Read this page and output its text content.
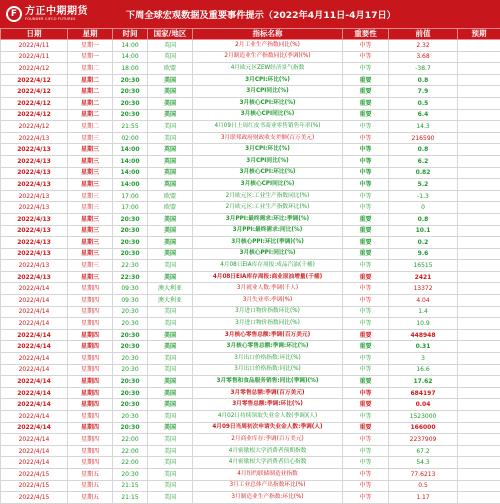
F 方正中期期货
FOUNDER CIFCO FUTURES	下周全球宏观数据及重要事件提示（2022年4月11日-4月17日）
日期	星期	时间	国家/地区	指标名称	重要性	前值	预期
2022/4/11	星期一	14:00	英国	2月工业生产指数同比(%)	中等	2.32	
2022/4/11	星期一	14:00	英国	2月制造业生产指数同比(季调)(%)	中等	3.68	
2022/4/12	星期二	18:00	欧盟	4月欧元区ZEW经济景气指数	中等	-38.7	
2022/4/12	星期二	20:30	美国	3月CPI:环比(%)	重要	0.8	
2022/4/12	星期二	20:30	美国	3月CPI同比(%)	重要	7.9	
2022/4/12	星期二	20:30	美国	3月核心CPI:环比(%)	重要	0.5	
2022/4/12	星期二	20:30	美国	3月核心CPI同比(%)	重要	6.4	
2022/4/12	星期二	21:55	美国	4月09日上周红皮书商业零售销售年率(%)	中等	14.3	
2022/4/13	星期三	02:00	美国	3月联邦政府财政收支差额(百万美元)	中等	216590	
2022/4/13	星期三	14:00	英国	3月CPI:环比(%)	中等	0.8	
2022/4/13	星期三	14:00	英国	3月CPI同比(%)	中等	6.2	
2022/4/13	星期三	14:00	英国	3月核心CPI:环比(%)	中等	0.82	
2022/4/13	星期三	14:00	英国	3月核心CPI同比(%)	中等	5.2	
2022/4/13	星期三	17:00	欧盟	2月欧元区:工业生产指数同比(%)	中等	-1.3	
2022/4/13	星期三	17:00	欧盟	2月欧元区:工业生产指数环比(%)	中等	0	
2022/4/13	星期三	20:30	美国	3月PPI:最终需求:环比:季调(%)	重要	0.8	
2022/4/13	星期三	20:30	美国	3月PPI:最终需求:同比(%)	重要	10.1	
2022/4/13	星期三	20:30	美国	3月核心PPI:环比(季调)(%)	重要	0.2	
2022/4/13	星期三	20:30	美国	3月核心PPI:同比(%)	重要	9.6	
2022/4/13	星期三	22:30	美国	4月08日EIA库存周报:成品汽油(千桶)	中等	16515	
2022/4/13	星期三	22:30	美国	4月08日EIA库存周报:商业原油增量(千桶)	重要	2421	
2022/4/14	星期四	09:30	澳大利亚	3月就业人数:季调(千人)	中等	13372	
2022/4/14	星期四	09:30	澳大利亚	3月失业率:季调(%)	中等	4.04	
2022/4/14	星期四	20:30	美国	3月进口物价指数环比(%)	中等	1.4	
2022/4/14	星期四	20:30	美国	3月进口物价指数同比(%)	中等	10.9	
2022/4/14	星期四	20:30	美国	3月核心零售总额:季调(百万美元)	重要	448948	
2022/4/14	星期四	20:30	美国	3月核心零售总额:季调:环比(%)	重要	0.31	
2022/4/14	星期四	20:30	美国	3月出口价格指数:环比(%)	中等	3	
2022/4/14	星期四	20:30	美国	3月出口价格指数:同比(%)	中等	16.6	
2022/4/14	星期四	20:30	美国	3月零售和食品服务销售:同比(季调)(%)	重要	17.62	
2022/4/14	星期四	20:30	美国	3月零售总额:季调(百万美元)	中等	684197	
2022/4/14	星期四	20:30	美国	3月零售总额:季调:环比(%)	重要	0.04	
2022/4/14	星期四	20:30	美国	4月02日持续领取失业金人数(季调)(人)	中等	1523000	
2022/4/14	星期四	20:30	美国	4月09日当周初次申请失业金人数:季调(人)	重要	166000	
2022/4/14	星期四	22:00	美国	2月商业库存:季调(百万美元)	中等	2237909	
2022/4/14	星期四	22:00	美国	4月密歇根大学消费者预期指数	中等	67.2	
2022/4/14	星期四	22:00	美国	4月密歇根大学消费者信心指数	中等	54.3	
2022/4/15	星期五	20:30	美国	4月纽约联储制造业指数	中等	77.6213	
2022/4/15	星期五	21:15	美国	3月工业总体产出指数环比(%)	中等	0.5	
2022/4/15	星期五	21:15	美国	3月制造业生产指数:环比(%)	中等	1.17	
